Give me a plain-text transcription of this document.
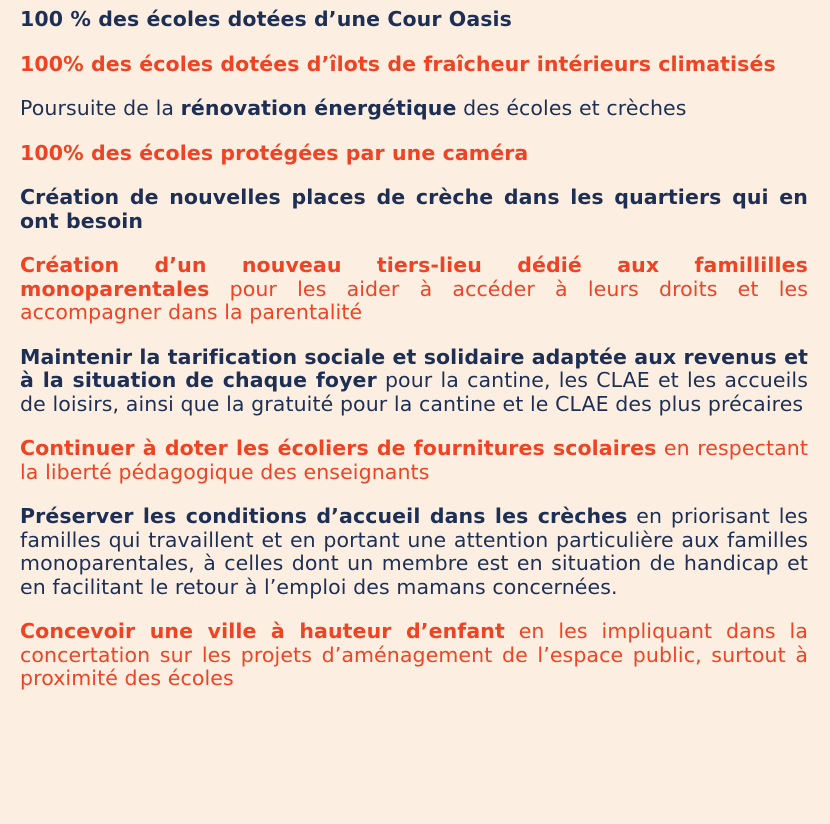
100 % des écoles dotées d’une Cour Oasis

100% des écoles dotées d’îlots de fraîcheur intérieurs climatisés

Poursuite de la rénovation énergétique des écoles et crèches

100% des écoles protégées par une caméra

Création de nouvelles places de crèche dans les quartiers qui en ont besoin

Création d’un nouveau tiers-lieu dédié aux famillilles monoparentales pour les aider à accéder à leurs droits et les accompagner dans la parentalité

Maintenir la tarification sociale et solidaire adaptée aux revenus et à la situation de chaque foyer pour la cantine, les CLAE et les accueils de loisirs, ainsi que la gratuité pour la cantine et le CLAE des plus précaires

Continuer à doter les écoliers de fournitures scolaires en respectant la liberté pédagogique des enseignants

Préserver les conditions d’accueil dans les crèches en priorisant les familles qui travaillent et en portant une attention particulière aux familles monoparentales, à celles dont un membre est en situation de handicap et en facilitant le retour à l’emploi des mamans concernées.

Concevoir une ville à hauteur d’enfant en les impliquant dans la concertation sur les projets d’aménagement de l’espace public, surtout à proximité des écoles
